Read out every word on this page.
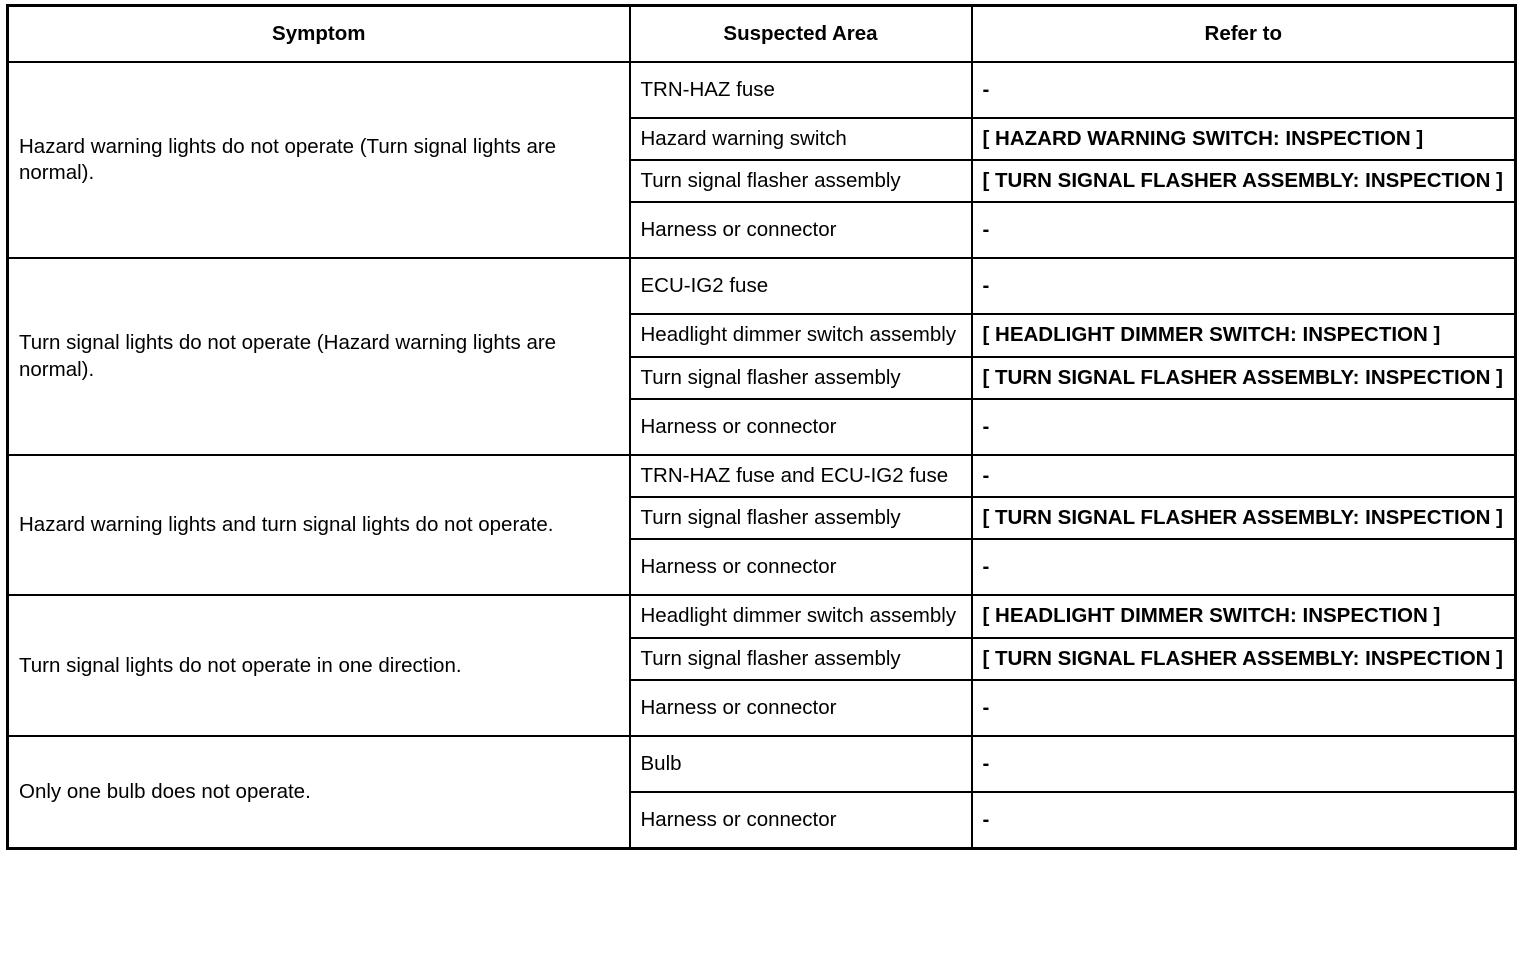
Symptom	Suspected Area	Refer to
Hazard warning lights do not operate (Turn signal lights are normal).	TRN-HAZ fuse	-
	Hazard warning switch	[ HAZARD WARNING SWITCH: INSPECTION ]
	Turn signal flasher assembly	[ TURN SIGNAL FLASHER ASSEMBLY: INSPECTION ]
	Harness or connector	-
Turn signal lights do not operate (Hazard warning lights are normal).	ECU-IG2 fuse	-
	Headlight dimmer switch assembly	[ HEADLIGHT DIMMER SWITCH: INSPECTION ]
	Turn signal flasher assembly	[ TURN SIGNAL FLASHER ASSEMBLY: INSPECTION ]
	Harness or connector	-
Hazard warning lights and turn signal lights do not operate.	TRN-HAZ fuse and ECU-IG2 fuse	-
	Turn signal flasher assembly	[ TURN SIGNAL FLASHER ASSEMBLY: INSPECTION ]
	Harness or connector	-
Turn signal lights do not operate in one direction.	Headlight dimmer switch assembly	[ HEADLIGHT DIMMER SWITCH: INSPECTION ]
	Turn signal flasher assembly	[ TURN SIGNAL FLASHER ASSEMBLY: INSPECTION ]
	Harness or connector	-
Only one bulb does not operate.	Bulb	-
	Harness or connector	-
